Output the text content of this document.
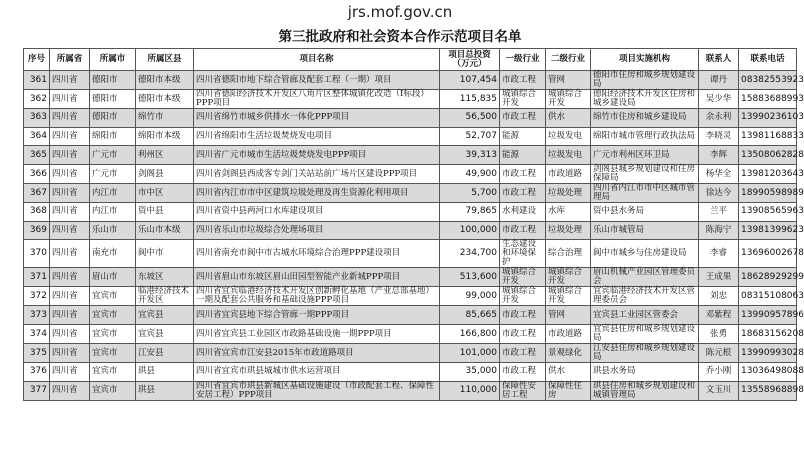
jrs.mof.gov.cn
第三批政府和社会资本合作示范项目名单
序号	所属省	所属市	所属区县	项目名称	项目总投资（万元）	一级行业	二级行业	项目实施机构	联系人	联系电话
361	四川省	德阳市	德阳市本级	四川省德阳市地下综合管廊及配套工程（一期）项目	107,454	市政工程	管网	德阳市住房和城乡规划建设局	谭丹	08382553923
362	四川省	德阳市	德阳市本级	四川省德阳经济技术开发区八角片区整体城镇化改造（Ⅰ标段）PPP项目	115,835	城镇综合开发	城镇综合开发	德阳经济技术开发区住房和城乡建设局	吴少华	15883688993
363	四川省	德阳市	绵竹市	四川省绵竹市城乡供排水一体化PPP项目	56,500	市政工程	供水	绵竹市住房和城乡建设局	余永利	13990236103
364	四川省	绵阳市	绵阳市本级	四川省绵阳市生活垃圾焚烧发电项目	52,707	能源	垃圾发电	绵阳市城市管理行政执法局	李晓灵	13981168833
365	四川省	广元市	利州区	四川省广元市城市生活垃圾焚烧发电PPP项目	39,313	能源	垃圾发电	广元市利州区环卫局	李辉	13508062828
366	四川省	广元市	剑阁县	四川省剑阁县西成客专剑门关站站前广场片区建设PPP项目	49,900	市政工程	市政道路	剑阁县城乡规划建设和住房保障局	杨华全	13981203643
367	四川省	内江市	市中区	四川省内江市市中区建筑垃圾处理及再生资源化利用项目	5,700	市政工程	垃圾处理	四川省内江市市中区城市管理局	徐达今	18990598989
368	四川省	内江市	资中县	四川省资中县两河口水库建设项目	79,865	水利建设	水库	资中县水务局	兰平	13908565963
369	四川省	乐山市	乐山市本级	四川省乐山市垃圾综合处理场项目	100,000	市政工程	垃圾处理	乐山市城管局	陈海宁	13981399623
370	四川省	南充市	阆中市	四川省南充市阆中市古城水环境综合治理PPP建设项目	234,700	生态建设和环境保护	综合治理	阆中市城乡与住房建设局	李睿	13696002678
371	四川省	眉山市	东坡区	四川省眉山市东坡区眉山田园型智能产业新城PPP项目	513,600	城镇综合开发	城镇综合开发	眉山机械产业园区管理委员会	王成果	18628929299
372	四川省	宜宾市	临港经济技术开发区	四川省宜宾临港经济技术开发区创新孵化基地（产业总部基地）一期及配套公共服务和基础设施PPP项目	99,000	城镇综合开发	城镇综合开发	宜宾临港经济技术开发区管理委员会	刘忠	08315108063
373	四川省	宜宾市	宜宾县	四川省宜宾县地下综合管廊一期PPP项目	85,665	市政工程	管网	宜宾县工业园区管委会	邓紫程	13990957896
374	四川省	宜宾市	宜宾县	四川省宜宾县工业园区市政路基础设施一期PPP项目	166,800	市政工程	市政道路	宜宾县住房和城乡规划建设局	张勇	18683156208
375	四川省	宜宾市	江安县	四川省宜宾市江安县2015年市政道路项目	101,000	市政工程	景观绿化	江安县住房和城乡规划建设局	陈元根	13990993028
376	四川省	宜宾市	珙县	四川省宜宾市珙县城城市供水运营项目	35,000	市政工程	供水	珙县水务局	乔小刚	13036498088
377	四川省	宜宾市	珙县	四川省宜宾市珙县新城区基础设施建设（市政配套工程、保障性安居工程）PPP项目	110,000	保障性安居工程	保障性住房	珙县住房和城乡规划建设和城镇管理局	文玉川	13558968898
